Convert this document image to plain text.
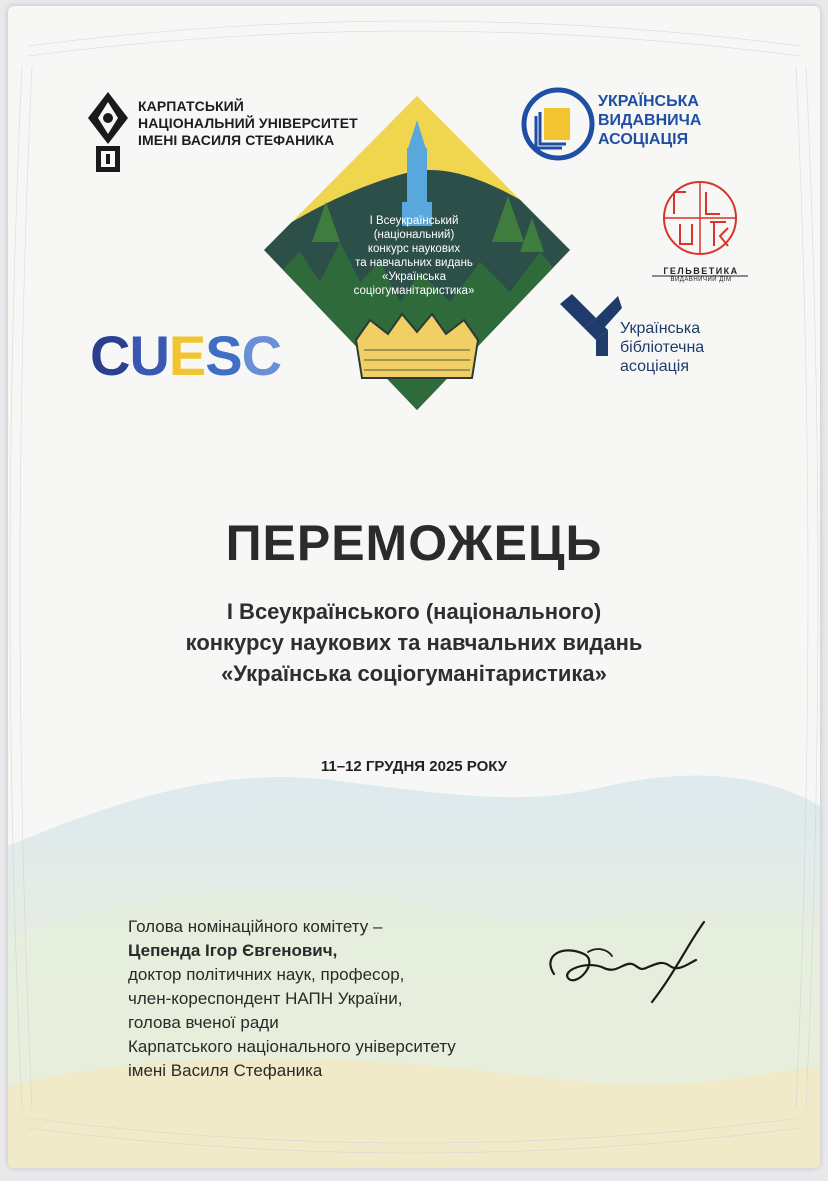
КАРПАТСЬКИЙ
НАЦІОНАЛЬНИЙ УНІВЕРСИТЕТ
ІМЕНІ ВАСИЛЯ СТЕФАНИКА
УКРАЇНСЬКА
ВИДАВНИЧА
АСОЦІАЦІЯ
ГЕЛЬВЕТИКА
ВИДАВНИЧИЙ ДІМ
Українська
бібліотечна
асоціація
CUESC
I Всеукраїнський
(національний)
конкурс наукових
та навчальних видань
«Українська
соціогуманітаристика»
ПЕРЕМОЖЕЦЬ
I Всеукраїнського (національного)
конкурсу наукових та навчальних видань
«Українська соціогуманітаристика»
11–12 ГРУДНЯ 2025 РОКУ
Голова номінаційного комітету –
Цепенда Ігор Євгенович,
доктор політичних наук, професор,
член-кореспондент НАПН України,
голова вченої ради
Карпатського національного університету
імені Василя Стефаника
